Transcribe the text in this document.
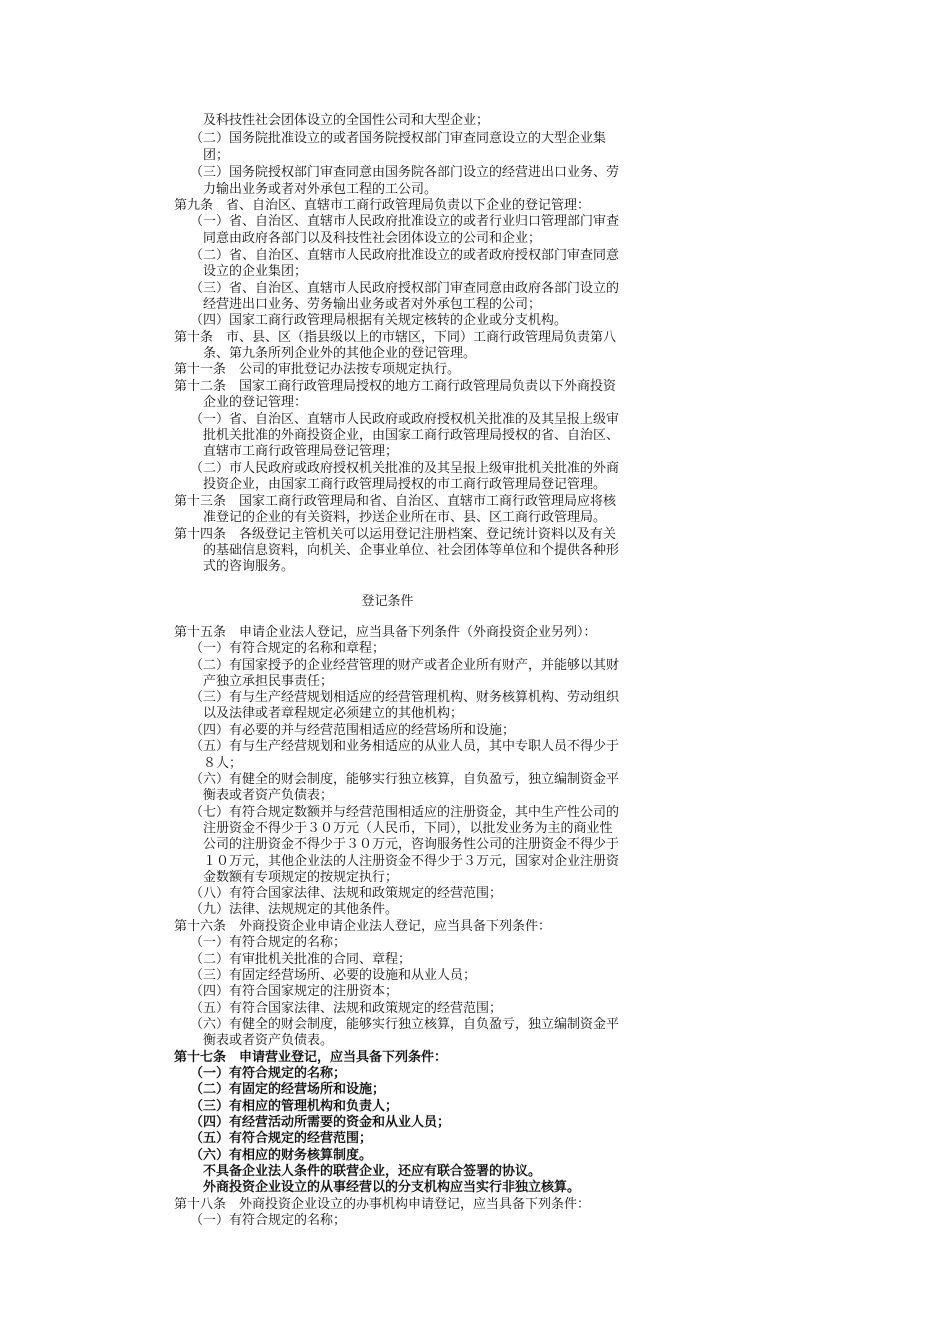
及科技性社会团体设立的全国性公司和大型企业；
（二）国务院批准设立的或者国务院授权部门审查同意设立的大型企业集
团；
（三）国务院授权部门审查同意由国务院各部门设立的经营进出口业务、劳
力输出业务或者对外承包工程的工公司。
第九条　省、自治区、直辖市工商行政管理局负责以下企业的登记管理：
（一）省、自治区、直辖市人民政府批准设立的或者行业归口管理部门审查
同意由政府各部门以及科技性社会团体设立的公司和企业；
（二）省、自治区、直辖市人民政府批准设立的或者政府授权部门审查同意
设立的企业集团；
（三）省、自治区、直辖市人民政府授权部门审查同意由政府各部门设立的
经营进出口业务、劳务输出业务或者对外承包工程的公司；
（四）国家工商行政管理局根据有关规定核转的企业或分支机构。
第十条　市、县、区（指县级以上的市辖区，下同）工商行政管理局负责第八
条、第九条所列企业外的其他企业的登记管理。
第十一条　公司的审批登记办法按专项规定执行。
第十二条　国家工商行政管理局授权的地方工商行政管理局负责以下外商投资
企业的登记管理：
（一）省、自治区、直辖市人民政府或政府授权机关批准的及其呈报上级审
批机关批准的外商投资企业，由国家工商行政管理局授权的省、自治区、
直辖市工商行政管理局登记管理；
（二）市人民政府或政府授权机关批准的及其呈报上级审批机关批准的外商
投资企业，由国家工商行政管理局授权的市工商行政管理局登记管理。
第十三条　国家工商行政管理局和省、自治区、直辖市工商行政管理局应将核
准登记的企业的有关资料，抄送企业所在市、县、区工商行政管理局。
第十四条　各级登记主管机关可以运用登记注册档案、登记统计资料以及有关
的基础信息资料，向机关、企事业单位、社会团体等单位和个提供各种形
式的咨询服务。
登记条件
第十五条　申请企业法人登记，应当具备下列条件（外商投资企业另列）：
（一）有符合规定的名称和章程；
（二）有国家授予的企业经营管理的财产或者企业所有财产，并能够以其财
产独立承担民事责任；
（三）有与生产经营规划相适应的经营管理机构、财务核算机构、劳动组织
以及法律或者章程规定必须建立的其他机构；
（四）有必要的并与经营范围相适应的经营场所和设施；
（五）有与生产经营规划和业务相适应的从业人员，其中专职人员不得少于
８人；
（六）有健全的财会制度，能够实行独立核算，自负盈亏，独立编制资金平
衡表或者资产负债表；
（七）有符合规定数额并与经营范围相适应的注册资金，其中生产性公司的
注册资金不得少于３０万元（人民币，下同），以批发业务为主的商业性
公司的注册资金不得少于３０万元，咨询服务性公司的注册资金不得少于
１０万元，其他企业法的人注册资金不得少于３万元，国家对企业注册资
金数额有专项规定的按规定执行；
（八）有符合国家法律、法规和政策规定的经营范围；
（九）法律、法规规定的其他条件。
第十六条　外商投资企业申请企业法人登记，应当具备下列条件：
（一）有符合规定的名称；
（二）有审批机关批准的合同、章程；
（三）有固定经营场所、必要的设施和从业人员；
（四）有符合国家规定的注册资本；
（五）有符合国家法律、法规和政策规定的经营范围；
（六）有健全的财会制度，能够实行独立核算，自负盈亏，独立编制资金平
衡表或者资产负债表。
第十七条　申请营业登记，应当具备下列条件：
（一）有符合规定的名称；
（二）有固定的经营场所和设施；
（三）有相应的管理机构和负责人；
（四）有经营活动所需要的资金和从业人员；
（五）有符合规定的经营范围；
（六）有相应的财务核算制度。
不具备企业法人条件的联营企业，还应有联合签署的协议。
外商投资企业设立的从事经营以的分支机构应当实行非独立核算。
第十八条　外商投资企业设立的办事机构申请登记，应当具备下列条件：
（一）有符合规定的名称；
